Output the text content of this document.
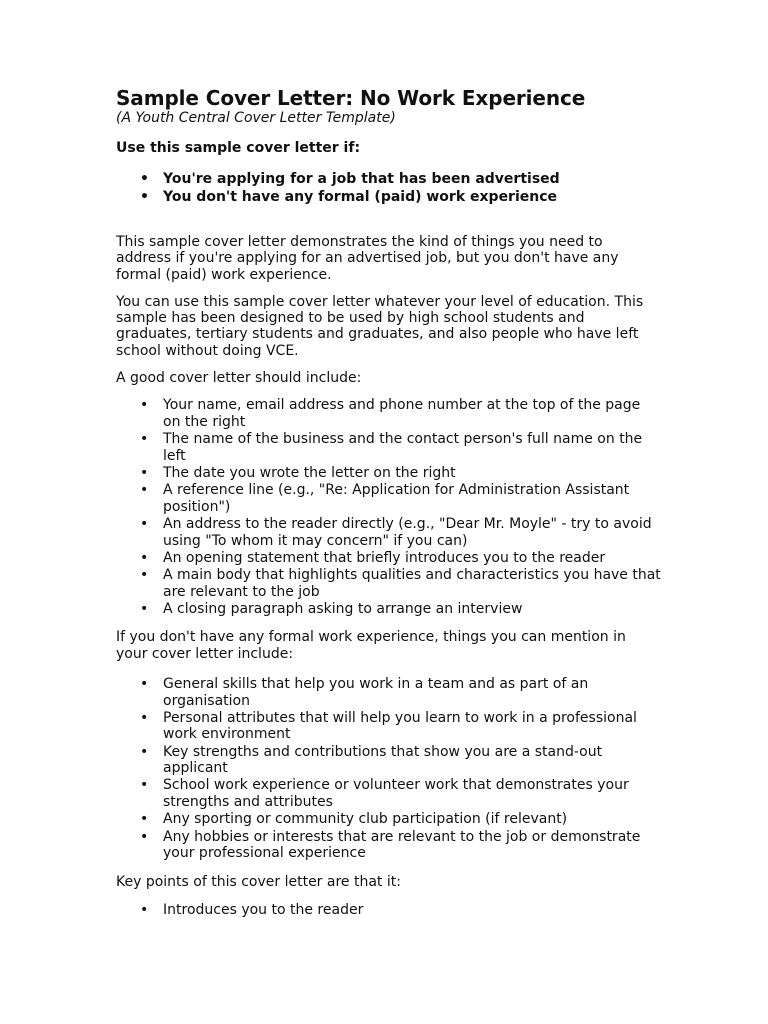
Sample Cover Letter: No Work Experience
(A Youth Central Cover Letter Template)
Use this sample cover letter if:
• You're applying for a job that has been advertised
• You don't have any formal (paid) work experience

This sample cover letter demonstrates the kind of things you need to address if you're applying for an advertised job, but you don't have any formal (paid) work experience.

You can use this sample cover letter whatever your level of education. This sample has been designed to be used by high school students and graduates, tertiary students and graduates, and also people who have left school without doing VCE.

A good cover letter should include:

• Your name, email address and phone number at the top of the page on the right
• The name of the business and the contact person's full name on the left
• The date you wrote the letter on the right
• A reference line (e.g., "Re: Application for Administration Assistant position")
• An address to the reader directly (e.g., "Dear Mr. Moyle" - try to avoid using "To whom it may concern" if you can)
• An opening statement that briefly introduces you to the reader
• A main body that highlights qualities and characteristics you have that are relevant to the job
• A closing paragraph asking to arrange an interview

If you don't have any formal work experience, things you can mention in your cover letter include:

• General skills that help you work in a team and as part of an organisation
• Personal attributes that will help you learn to work in a professional work environment
• Key strengths and contributions that show you are a stand-out applicant
• School work experience or volunteer work that demonstrates your strengths and attributes
• Any sporting or community club participation (if relevant)
• Any hobbies or interests that are relevant to the job or demonstrate your professional experience

Key points of this cover letter are that it:

• Introduces you to the reader
